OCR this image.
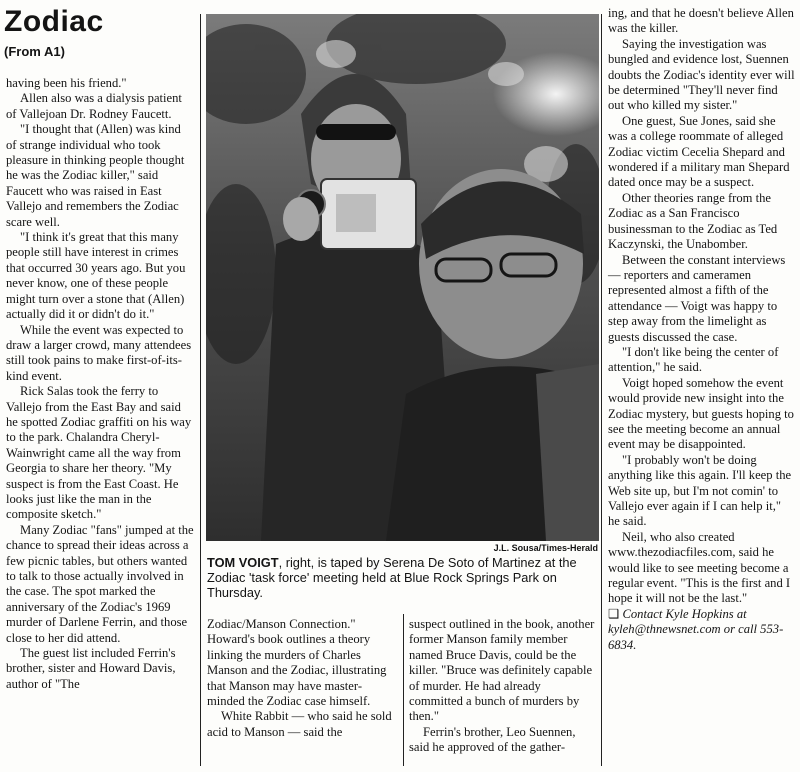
Zodiac
(From A1)

having been his friend."

Allen also was a dialysis patient of Vallejoan Dr. Rodney Faucett.

"I thought that (Allen) was kind of strange individual who took pleasure in thinking people thought he was the Zodiac killer," said Faucett who was raised in East Vallejo and remembers the Zodiac scare well.

"I think it's great that this many people still have interest in crimes that occurred 30 years ago. But you never know, one of these people might turn over a stone that (Allen) actually did it or didn't do it."

While the event was expected to draw a larger crowd, many attendees still took pains to make first-of-its-kind event.

Rick Salas took the ferry to Vallejo from the East Bay and said he spotted Zodiac graffiti on his way to the park. Chalandra Cheryl-Wainwright came all the way from Georgia to share her theory. "My suspect is from the East Coast. He looks just like the man in the composite sketch."

Many Zodiac "fans" jumped at the chance to spread their ideas across a few picnic tables, but others wanted to talk to those actually involved in the case. The spot marked the anniversary of the Zodiac's 1969 murder of Darlene Ferrin, and those close to her did attend.

The guest list included Ferrin's brother, sister and Howard Davis, author of "The

J.L. Sousa/Times-Herald
TOM VOIGT, right, is taped by Serena De Soto of Martinez at the Zodiac 'task force' meeting held at Blue Rock Springs Park on Thursday.

Zodiac/Manson Connection." Howard's book outlines a theory linking the murders of Charles Manson and the Zodiac, illustrating that Manson may have master-minded the Zodiac case himself.

White Rabbit — who said he sold acid to Manson — said the

suspect outlined in the book, another former Manson family member named Bruce Davis, could be the killer. "Bruce was definitely capable of murder. He had already committed a bunch of murders by then."

Ferrin's brother, Leo Suennen, said he approved of the gather-

ing, and that he doesn't believe Allen was the killer.

Saying the investigation was bungled and evidence lost, Suennen doubts the Zodiac's identity ever will be determined "They'll never find out who killed my sister."

One guest, Sue Jones, said she was a college roommate of alleged Zodiac victim Cecelia Shepard and wondered if a military man Shepard dated once may be a suspect.

Other theories range from the Zodiac as a San Francisco businessman to the Zodiac as Ted Kaczynski, the Unabomber.

Between the constant interviews — reporters and cameramen represented almost a fifth of the attendance — Voigt was happy to step away from the limelight as guests discussed the case.

"I don't like being the center of attention," he said.

Voigt hoped somehow the event would provide new insight into the Zodiac mystery, but guests hoping to see the meeting become an annual event may be disappointed.

"I probably won't be doing anything like this again. I'll keep the Web site up, but I'm not comin' to Vallejo ever again if I can help it," he said.

Neil, who also created www.thezodiacfiles.com, said he would like to see meeting become a regular event. "This is the first and I hope it will not be the last."

❑ Contact Kyle Hopkins at kyleh@thnewsnet.com or call 553-6834.
